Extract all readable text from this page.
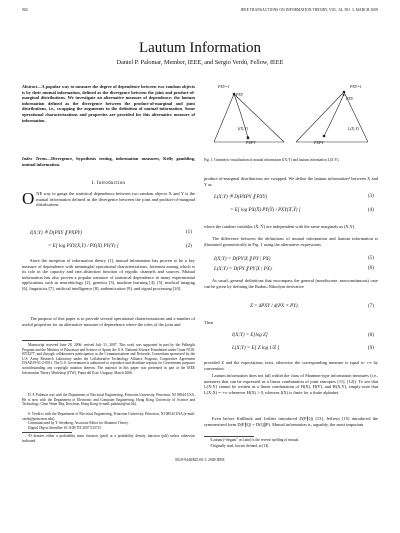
904	IEEE TRANSACTIONS ON INFORMATION THEORY, VOL. 54, NO. 3, MARCH 2008
Lautum Information
Daniel P. Palomar, Member, IEEE, and Sergio Verdú, Fellow, IEEE
Abstract—A popular way to measure the degree of dependence between two random objects is by their mutual information, defined as the divergence between the joint and product-of-marginal distributions. We investigate an alternative measure of dependence: the lautum information defined as the divergence between the product-of-marginal and joint distributions, i.e., swapping the arguments in the definition of mutual information. Some operational characterizations and properties are provided for this alternative measure of information.
Index Terms—Divergence, hypothesis testing, information measures, Kelly gambling, mutual information.
I. Introduction
ONE way to gauge the statistical dependence between two random objects X and Y is the mutual information defined as the divergence between the joint and product-of-marginal distributions:
I(X;Y) ≜ D(PXY ∥ PXPY)	(1)
= E[ log PXY(X,Y) / PX(X) PY(Y) ]	(2)
Since the inception of information theory [1], mutual information has proven to be a key measure of dependence with meaningful operational characterizations, foremost among which is its role in the capacity and rate–distortion function of ergodic channels and sources. Mutual information has also proven a popular measure of statistical dependence in many experimental applications such as neurobiology [2], genetics [3], machine learning [4], [5], medical imaging [6], linguistics [7], artificial intelligence [8], authentication [9], and signal processing [10].
The purpose of this paper is to provide several operational characterizations and a number of useful properties for an alternative measure of dependence where the roles of the joint and
Manuscript received June 28, 2006; revised July 31, 2007. This work was supported in part by the Fulbright Program and the Ministry of Education and Science of Spain; the U.S. National Science Foundation under Grant NCR-0074277; and through collaborative participation in the Communications and Networks Consortium sponsored by the U.S. Army Research Laboratory under the Collaborative Technology Alliance Program, Cooperative Agreement DAAD19-01-2-0011. The U.S. Government is authorized to reproduce and distribute reprints for Government purposes notwithstanding any copyright notation thereon. The material in this paper was presented in part at the IEEE Information Theory Workshop (ITW), Punta del Este, Uruguay, March 2006.
D. P. Palomar was with the Department of Electrical Engineering, Princeton University, Princeton, NJ 08544 USA. He is now with the Department of Electronic and Computer Engineering, Hong Kong University of Science and Technology, Clear Water Bay, Kowloon, Hong Kong (e-mail: palomar@ust.hk).
S. Verdú is with the Department of Electrical Engineering, Princeton University, Princeton, NJ 08544 USA (e-mail: verdu@princeton.edu).
Communicated by Y. Steinberg, Associate Editor for Shannon Theory.
Digital Object Identifier 10.1109/TIT.2007.915715
¹D denotes either a probability mass function (pmf) or a probability density function (pdf) unless otherwise indicated.
PXY=1	PXY=1
PXY
PXY
I(X;Y)	L(X;Y)
PXPY	PXPY
Fig. 1. Geometric visualization of mutual information I(X;Y) and lautum information L(X;Y).
product-of-marginal distributions are swapped. We define the lautum information² between X and Y as
L(X;Y) ≜ D(PXPY ∥ PXY)	(3)
= E[ log PX(X̄) PY(Ȳ) / PXY(X̄,Ȳ) ]	(4)
where the random variables (X̄, Ȳ) are independent with the same marginals as (X,Y).
The difference between the definitions of mutual information and lautum information is illustrated geometrically in Fig. 1 using the alternative expressions
I(X;Y) = D(PY|X ∥ PY | PX)	(5)
L(X;Y) = D(PY ∥ PY|X | PX).	(6)
As usual, general definitions that encompass the general (nondiscrete, nonconstinuous) case can be given by defining the Radon–Nikodym derivative
Z = dPXY / d(PX × PY).	(7)
Then
I(X;Y) = E[log Z]	(8)
L(X;Y) = E[ Z log 1/Z ]	(9)
provided Z and the expectations exist, otherwise the corresponding measure is equal to +∞ by convention.
Lautum information does not fall within the class of Shannon-type information measures (i.e., measures that can be expressed as a linear combination of joint entropies [11], [12]). To see that L(X;Y) cannot be written as a linear combination of H(X), H(Y), and H(X,Y), simply note that L(X;X) = +∞ whenever H(X) > 0, whereas I(X) is finite for a finite alphabet.
Even before Kullback and Leibler introduced D(P∥Q) [13], Jeffreys [15] introduced the symmetrized form D(P∥Q) + D(Q∥P). Mutual information is, arguably, the most important
²Lautum (“elegant” in Latin) is the reverse spelling of mutual.
³Originally used, but not defined, in [14].
0018-9448/$25.00 © 2008 IEEE
